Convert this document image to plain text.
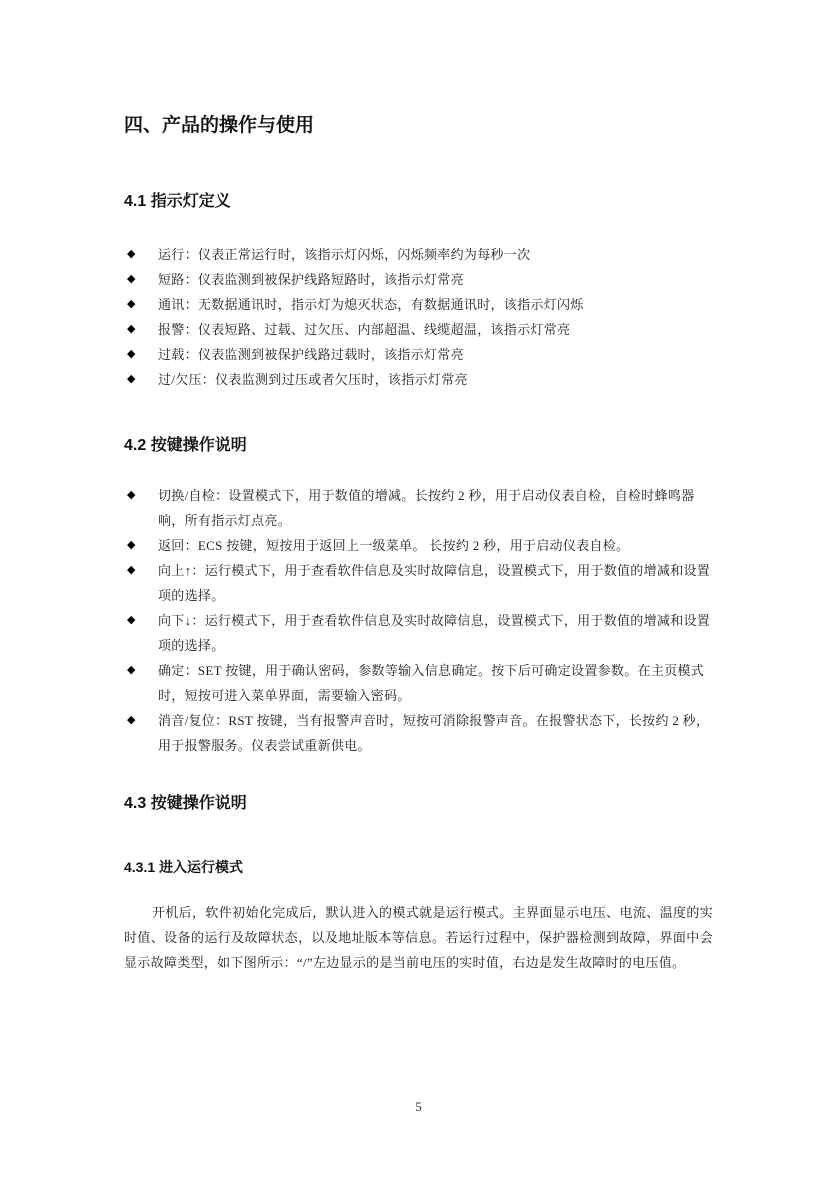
四、产品的操作与使用
4.1 指示灯定义
◆	运行：仪表正常运行时，该指示灯闪烁，闪烁频率约为每秒一次
◆	短路：仪表监测到被保护线路短路时，该指示灯常亮
◆	通讯：无数据通讯时，指示灯为熄灭状态，有数据通讯时，该指示灯闪烁
◆	报警：仪表短路、过载、过欠压、内部超温、线缆超温，该指示灯常亮
◆	过载：仪表监测到被保护线路过载时，该指示灯常亮
◆	过/欠压：仪表监测到过压或者欠压时，该指示灯常亮
4.2 按键操作说明
◆	切换/自检：设置模式下，用于数值的增减。长按约 2 秒，用于启动仪表自检，自检时蜂鸣器响，所有指示灯点亮。
◆	返回：ECS 按键，短按用于返回上一级菜单。 长按约 2 秒，用于启动仪表自检。
◆	向上↑：运行模式下，用于查看软件信息及实时故障信息，设置模式下，用于数值的增减和设置项的选择。
◆	向下↓：运行模式下，用于查看软件信息及实时故障信息，设置模式下，用于数值的增减和设置项的选择。
◆	确定：SET 按键，用于确认密码，参数等输入信息确定。按下后可确定设置参数。在主页模式时，短按可进入菜单界面，需要输入密码。
◆	消音/复位：RST 按键，当有报警声音时，短按可消除报警声音。在报警状态下，长按约 2 秒，用于报警服务。仪表尝试重新供电。
4.3 按键操作说明
4.3.1 进入运行模式

开机后，软件初始化完成后，默认进入的模式就是运行模式。主界面显示电压、电流、温度的实时值、设备的运行及故障状态，以及地址版本等信息。若运行过程中，保护器检测到故障，界面中会显示故障类型，如下图所示：“/”左边显示的是当前电压的实时值，右边是发生故障时的电压值。

5
